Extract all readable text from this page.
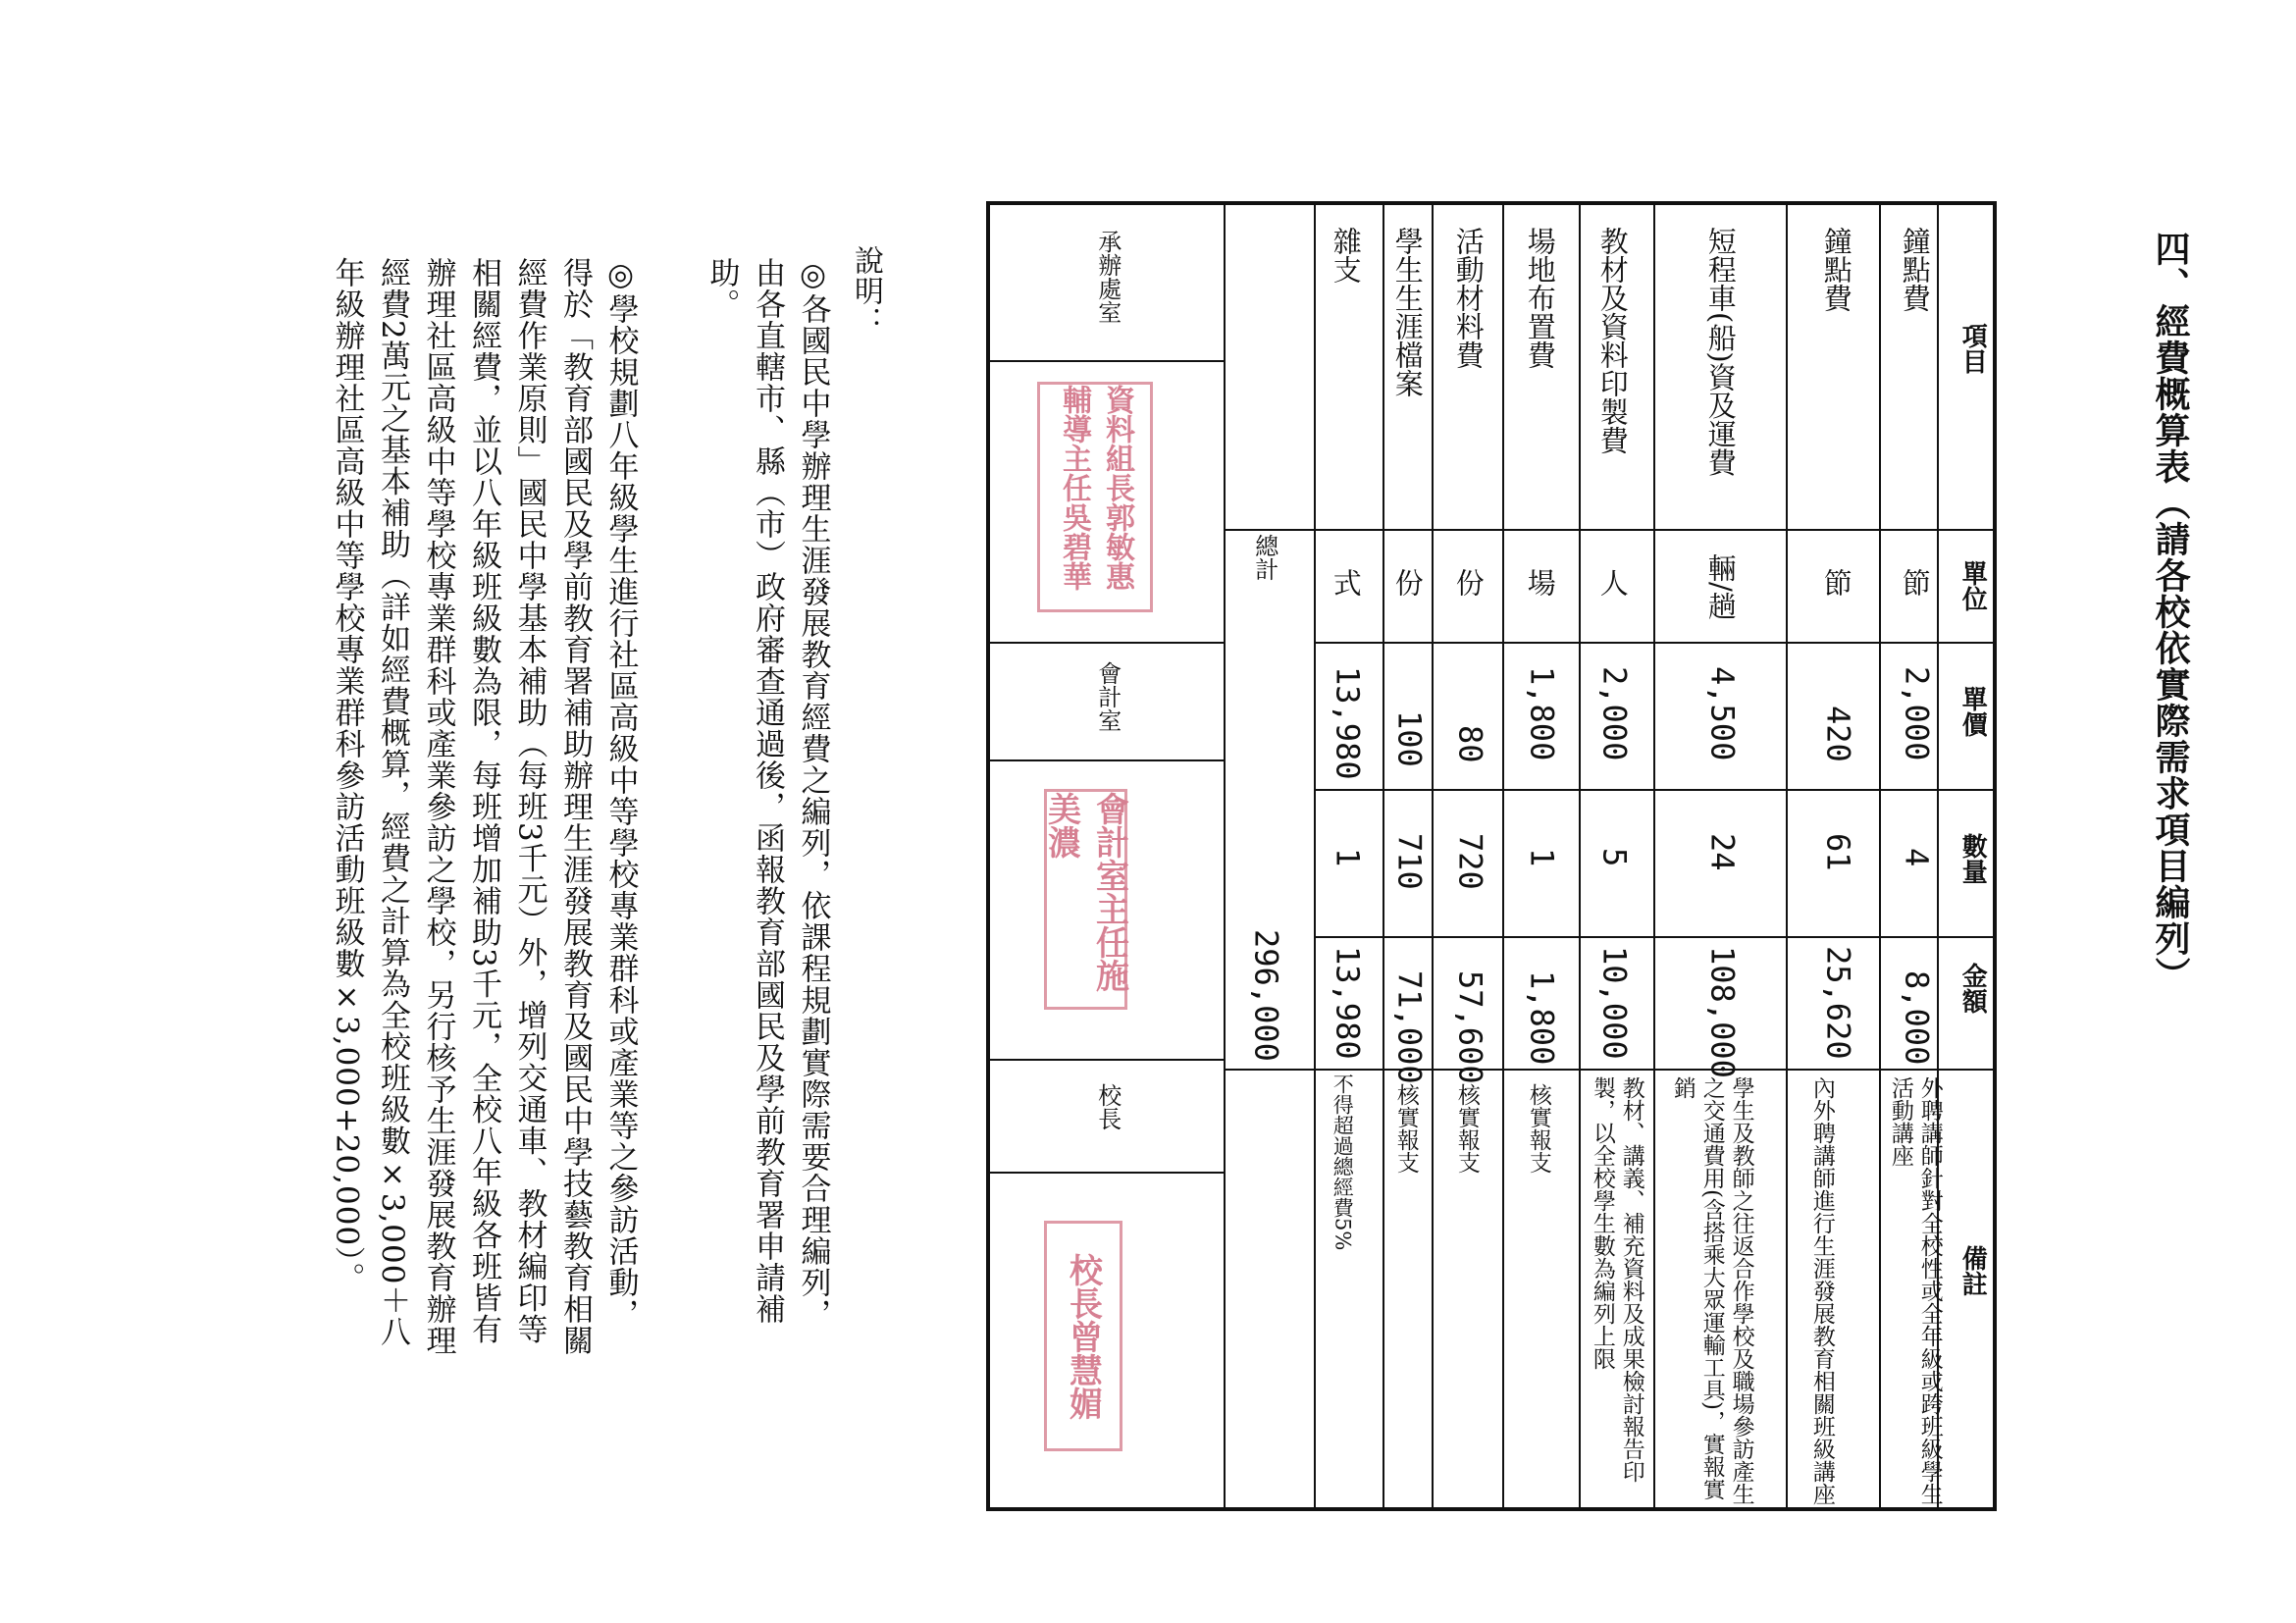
四、經費概算表（請各校依實際需求項目編列）
項目
單位
單價
數量
金額
備註
鐘點費
節
2,000
4
8,000
外聘講師針對全校性或全年級或跨班級學生活動講座
鐘點費
節
420
61
25,620
內外聘講師進行生涯發展教育相關班級講座
短程車(船)資及運費
輛/趟
4,500
24
108,000
學生及教師之往返合作學校及職場參訪產生之交通費用(含搭乘大眾運輸工具)，實報實銷
教材及資料印製費
人
2,000
5
10,000
教材、講義、補充資料及成果檢討報告印製，以全校學生數為編列上限
場地布置費
場
1,800
1
1,800
核實報支
活動材料費
份
80
720
57,600
核實報支
學生生涯檔案
份
100
710
71,000
核實報支
雜支
式
13,980
1
13,980
不得超過總經費5%
總計
296,000
承辦處室
資料組長郭敏惠 輔導主任吳碧華
會計室
會計室主任施美濃
校長
校長曾慧媚
說明：
◎各國民中學辦理生涯發展教育經費之編列，依課程規劃實際需要合理編列，由各直轄市、縣（市）政府審查通過後，函報教育部國民及學前教育署申請補助。
◎學校規劃八年級學生進行社區高級中等學校專業群科或產業等之參訪活動，得於「教育部國民及學前教育署補助辦理生涯發展教育及國民中學技藝教育相關經費作業原則」國民中學基本補助（每班3千元）外，增列交通車、教材編印等相關經費，並以八年級班級數為限，每班增加補助3千元，全校八年級各班皆有辦理社區高級中等學校專業群科或產業參訪之學校，另行核予生涯發展教育辦理經費2萬元之基本補助（詳如經費概算，經費之計算為全校班級數×3,000＋八年級辦理社區高級中等學校專業群科參訪活動班級數×3,000+20,000）。
